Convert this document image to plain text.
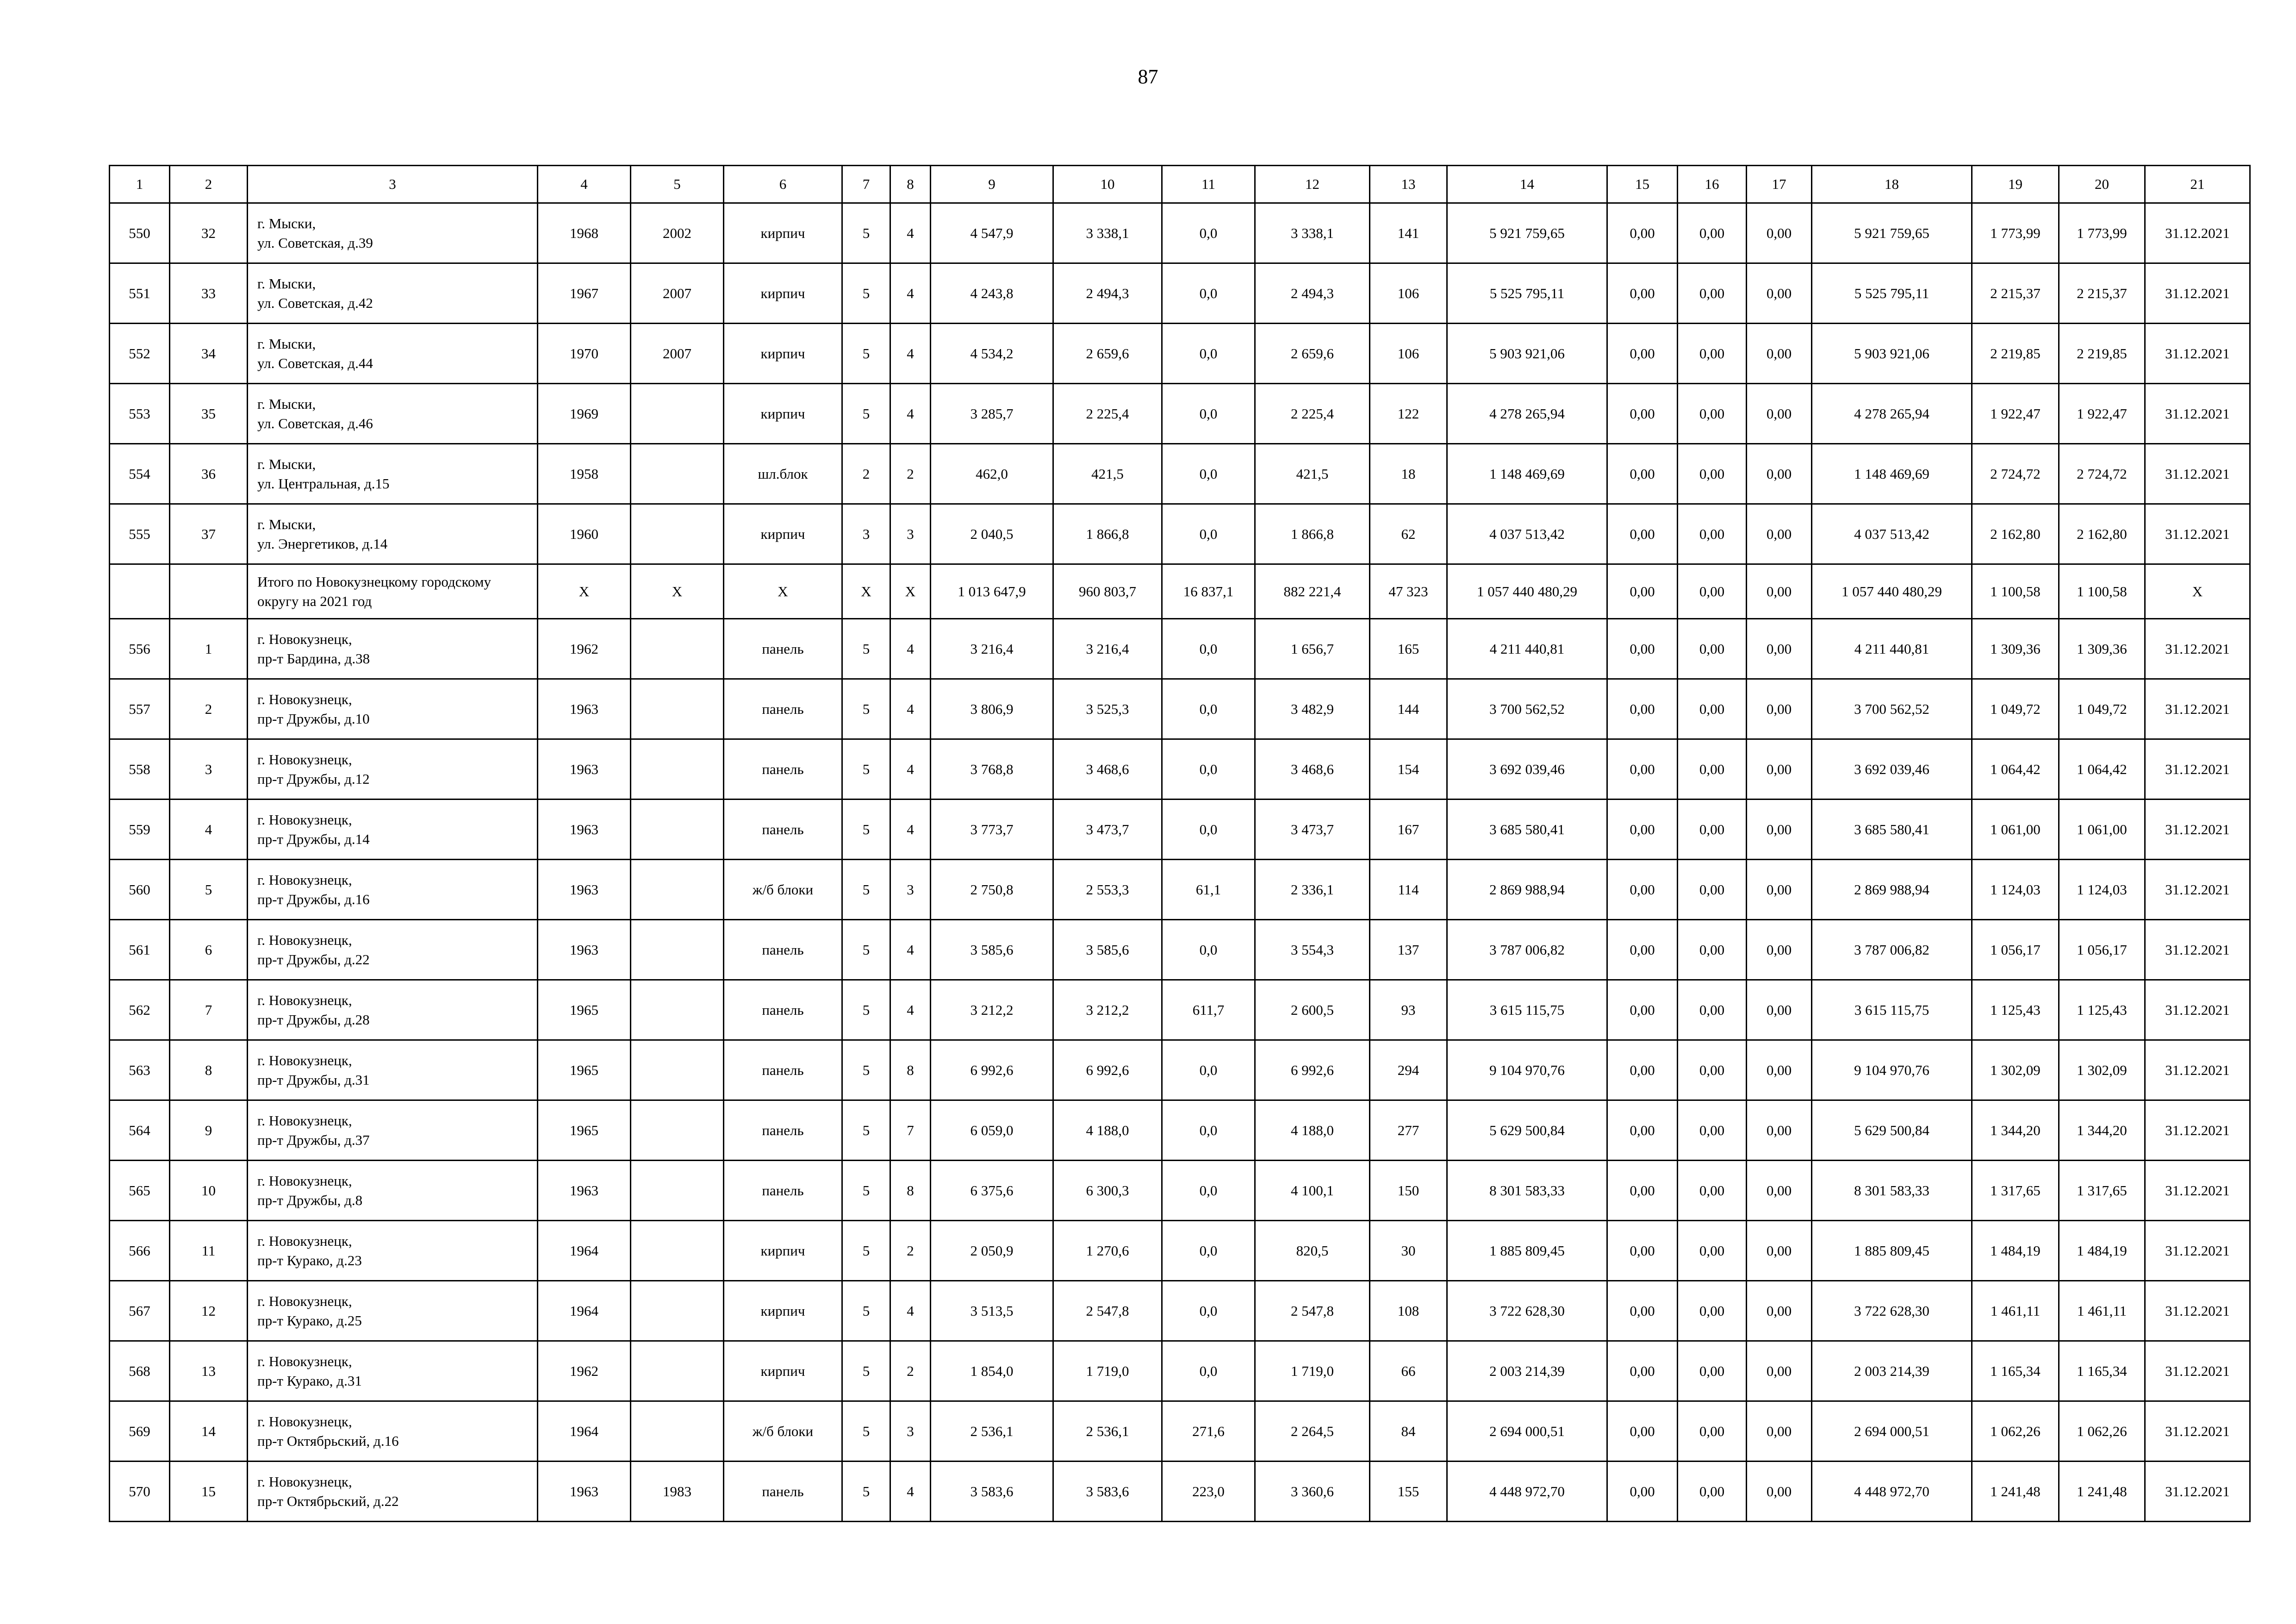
87
1	2	3	4	5	6	7	8	9	10	11	12	13	14	15	16	17	18	19	20	21
550	32	г. Мыски,
ул. Советская, д.39	1968	2002	кирпич	5	4	4 547,9	3 338,1	0,0	3 338,1	141	5 921 759,65	0,00	0,00	0,00	5 921 759,65	1 773,99	1 773,99	31.12.2021
551	33	г. Мыски,
ул. Советская, д.42	1967	2007	кирпич	5	4	4 243,8	2 494,3	0,0	2 494,3	106	5 525 795,11	0,00	0,00	0,00	5 525 795,11	2 215,37	2 215,37	31.12.2021
552	34	г. Мыски,
ул. Советская, д.44	1970	2007	кирпич	5	4	4 534,2	2 659,6	0,0	2 659,6	106	5 903 921,06	0,00	0,00	0,00	5 903 921,06	2 219,85	2 219,85	31.12.2021
553	35	г. Мыски,
ул. Советская, д.46	1969		кирпич	5	4	3 285,7	2 225,4	0,0	2 225,4	122	4 278 265,94	0,00	0,00	0,00	4 278 265,94	1 922,47	1 922,47	31.12.2021
554	36	г. Мыски,
ул. Центральная, д.15	1958		шл.блок	2	2	462,0	421,5	0,0	421,5	18	1 148 469,69	0,00	0,00	0,00	1 148 469,69	2 724,72	2 724,72	31.12.2021
555	37	г. Мыски,
ул. Энергетиков, д.14	1960		кирпич	3	3	2 040,5	1 866,8	0,0	1 866,8	62	4 037 513,42	0,00	0,00	0,00	4 037 513,42	2 162,80	2 162,80	31.12.2021

		Итого по Новокузнецкому городскому
округу на 2021 год	X	X	X	X	X	1 013 647,9	960 803,7	16 837,1	882 221,4	47 323	1 057 440 480,29	0,00	0,00	0,00	1 057 440 480,29	1 100,58	1 100,58	X
556	1	г. Новокузнецк,
пр-т Бардина, д.38	1962		панель	5	4	3 216,4	3 216,4	0,0	1 656,7	165	4 211 440,81	0,00	0,00	0,00	4 211 440,81	1 309,36	1 309,36	31.12.2021
557	2	г. Новокузнецк,
пр-т Дружбы, д.10	1963		панель	5	4	3 806,9	3 525,3	0,0	3 482,9	144	3 700 562,52	0,00	0,00	0,00	3 700 562,52	1 049,72	1 049,72	31.12.2021
558	3	г. Новокузнецк,
пр-т Дружбы, д.12	1963		панель	5	4	3 768,8	3 468,6	0,0	3 468,6	154	3 692 039,46	0,00	0,00	0,00	3 692 039,46	1 064,42	1 064,42	31.12.2021
559	4	г. Новокузнецк,
пр-т Дружбы, д.14	1963		панель	5	4	3 773,7	3 473,7	0,0	3 473,7	167	3 685 580,41	0,00	0,00	0,00	3 685 580,41	1 061,00	1 061,00	31.12.2021
560	5	г. Новокузнецк,
пр-т Дружбы, д.16	1963		ж/б блоки	5	3	2 750,8	2 553,3	61,1	2 336,1	114	2 869 988,94	0,00	0,00	0,00	2 869 988,94	1 124,03	1 124,03	31.12.2021
561	6	г. Новокузнецк,
пр-т Дружбы, д.22	1963		панель	5	4	3 585,6	3 585,6	0,0	3 554,3	137	3 787 006,82	0,00	0,00	0,00	3 787 006,82	1 056,17	1 056,17	31.12.2021
562	7	г. Новокузнецк,
пр-т Дружбы, д.28	1965		панель	5	4	3 212,2	3 212,2	611,7	2 600,5	93	3 615 115,75	0,00	0,00	0,00	3 615 115,75	1 125,43	1 125,43	31.12.2021
563	8	г. Новокузнецк,
пр-т Дружбы, д.31	1965		панель	5	8	6 992,6	6 992,6	0,0	6 992,6	294	9 104 970,76	0,00	0,00	0,00	9 104 970,76	1 302,09	1 302,09	31.12.2021
564	9	г. Новокузнецк,
пр-т Дружбы, д.37	1965		панель	5	7	6 059,0	4 188,0	0,0	4 188,0	277	5 629 500,84	0,00	0,00	0,00	5 629 500,84	1 344,20	1 344,20	31.12.2021
565	10	г. Новокузнецк,
пр-т Дружбы, д.8	1963		панель	5	8	6 375,6	6 300,3	0,0	4 100,1	150	8 301 583,33	0,00	0,00	0,00	8 301 583,33	1 317,65	1 317,65	31.12.2021
566	11	г. Новокузнецк,
пр-т Курако, д.23	1964		кирпич	5	2	2 050,9	1 270,6	0,0	820,5	30	1 885 809,45	0,00	0,00	0,00	1 885 809,45	1 484,19	1 484,19	31.12.2021
567	12	г. Новокузнецк,
пр-т Курако, д.25	1964		кирпич	5	4	3 513,5	2 547,8	0,0	2 547,8	108	3 722 628,30	0,00	0,00	0,00	3 722 628,30	1 461,11	1 461,11	31.12.2021
568	13	г. Новокузнецк,
пр-т Курако, д.31	1962		кирпич	5	2	1 854,0	1 719,0	0,0	1 719,0	66	2 003 214,39	0,00	0,00	0,00	2 003 214,39	1 165,34	1 165,34	31.12.2021
569	14	г. Новокузнецк,
пр-т Октябрьский, д.16	1964		ж/б блоки	5	3	2 536,1	2 536,1	271,6	2 264,5	84	2 694 000,51	0,00	0,00	0,00	2 694 000,51	1 062,26	1 062,26	31.12.2021
570	15	г. Новокузнецк,
пр-т Октябрьский, д.22	1963	1983	панель	5	4	3 583,6	3 583,6	223,0	3 360,6	155	4 448 972,70	0,00	0,00	0,00	4 448 972,70	1 241,48	1 241,48	31.12.2021
